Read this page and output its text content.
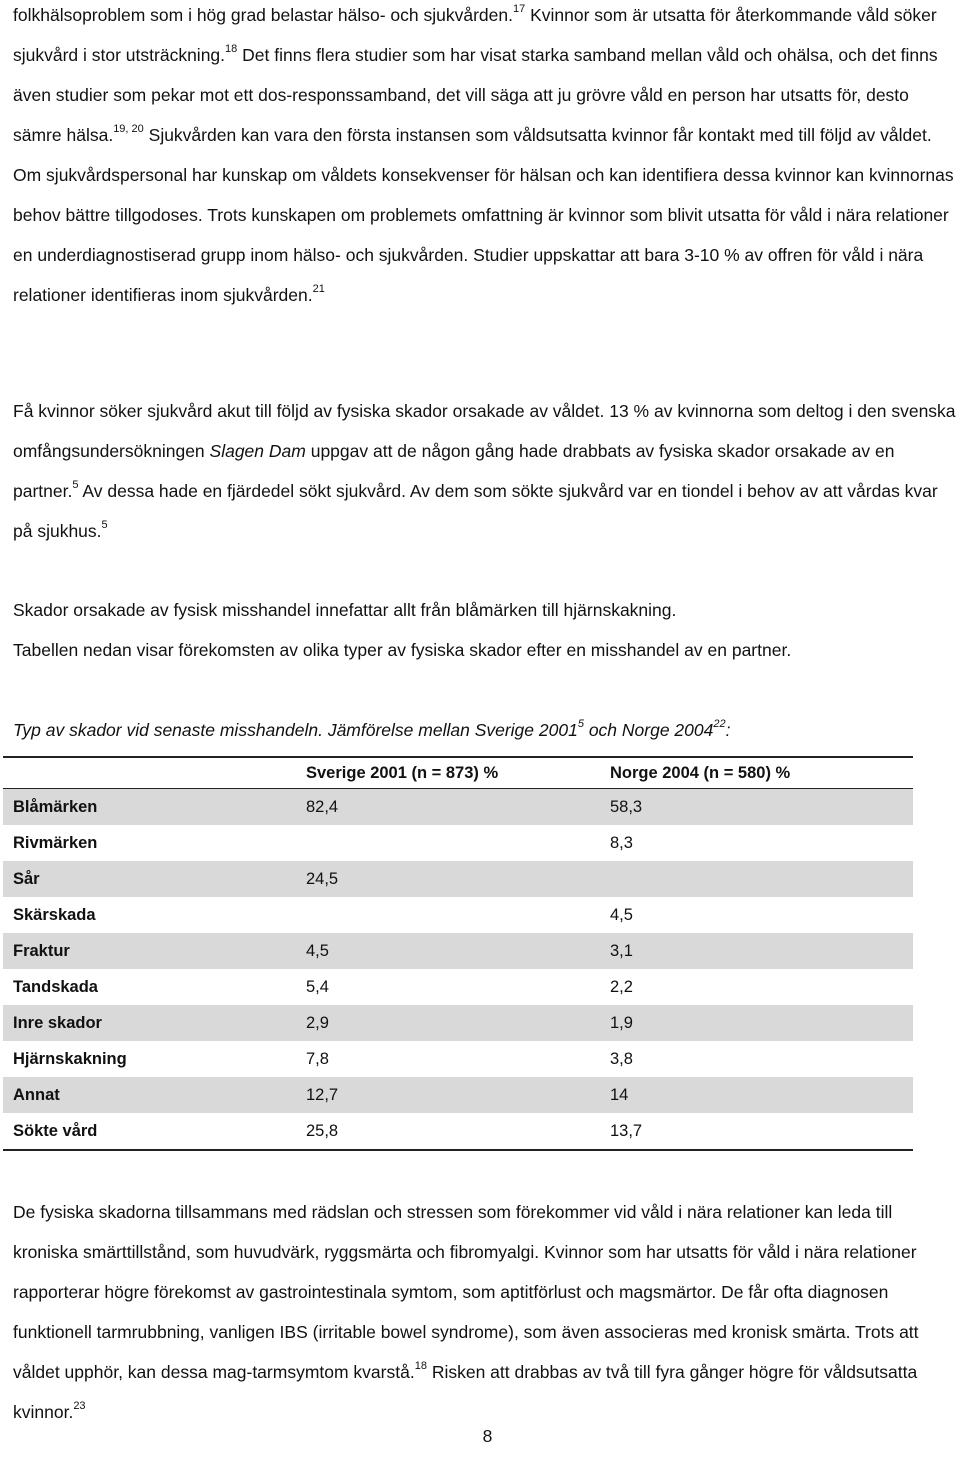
folkhälsoproblem som i hög grad belastar hälso- och sjukvården.$^{17}$ Kvinnor som är utsatta för återkommande våld söker sjukvård i stor utsträckning.$^{18}$ Det finns flera studier som har visat starka samband mellan våld och ohälsa, och det finns även studier som pekar mot ett dos-responssamband, det vill säga att ju grövre våld en person har utsatts för, desto sämre hälsa.$^{19, 20}$ Sjukvården kan vara den första instansen som våldsutsatta kvinnor får kontakt med till följd av våldet. Om sjukvårdspersonal har kunskap om våldets konsekvenser för hälsan och kan identifiera dessa kvinnor kan kvinnornas behov bättre tillgodoses. Trots kunskapen om problemets omfattning är kvinnor som blivit utsatta för våld i nära relationer en underdiagnostiserad grupp inom hälso- och sjukvården. Studier uppskattar att bara 3-10 % av offren för våld i nära relationer identifieras inom sjukvården.$^{21}$

Få kvinnor söker sjukvård akut till följd av fysiska skador orsakade av våldet. 13 % av kvinnorna som deltog i den svenska omfångsundersökningen Slagen Dam uppgav att de någon gång hade drabbats av fysiska skador orsakade av en partner.$^5$ Av dessa hade en fjärdedel sökt sjukvård. Av dem som sökte sjukvård var en tiondel i behov av att vårdas kvar på sjukhus.$^5$

Skador orsakade av fysisk misshandel innefattar allt från blåmärken till hjärnskakning.
Tabellen nedan visar förekomsten av olika typer av fysiska skador efter en misshandel av en partner.

Typ av skador vid senaste misshandeln. Jämförelse mellan Sverige 2001$^5$ och Norge 2004$^{22}$:

	Sverige 2001 (n = 873) %	Norge 2004 (n = 580) %
Blåmärken	82,4	58,3
Rivmärken		8,3
Sår	24,5	
Skärskada		4,5
Fraktur	4,5	3,1
Tandskada	5,4	2,2
Inre skador	2,9	1,9
Hjärnskakning	7,8	3,8
Annat	12,7	14
Sökte vård	25,8	13,7

De fysiska skadorna tillsammans med rädslan och stressen som förekommer vid våld i nära relationer kan leda till kroniska smärttillstånd, som huvudvärk, ryggsmärta och fibromyalgi. Kvinnor som har utsatts för våld i nära relationer rapporterar högre förekomst av gastrointestinala symtom, som aptitförlust och magsmärtor. De får ofta diagnosen funktionell tarmrubbning, vanligen IBS (irritable bowel syndrome), som även associeras med kronisk smärta. Trots att våldet upphör, kan dessa mag-tarmsymtom kvarstå.$^{18}$ Risken att drabbas av två till fyra gånger högre för våldsutsatta kvinnor.$^{23}$

8
